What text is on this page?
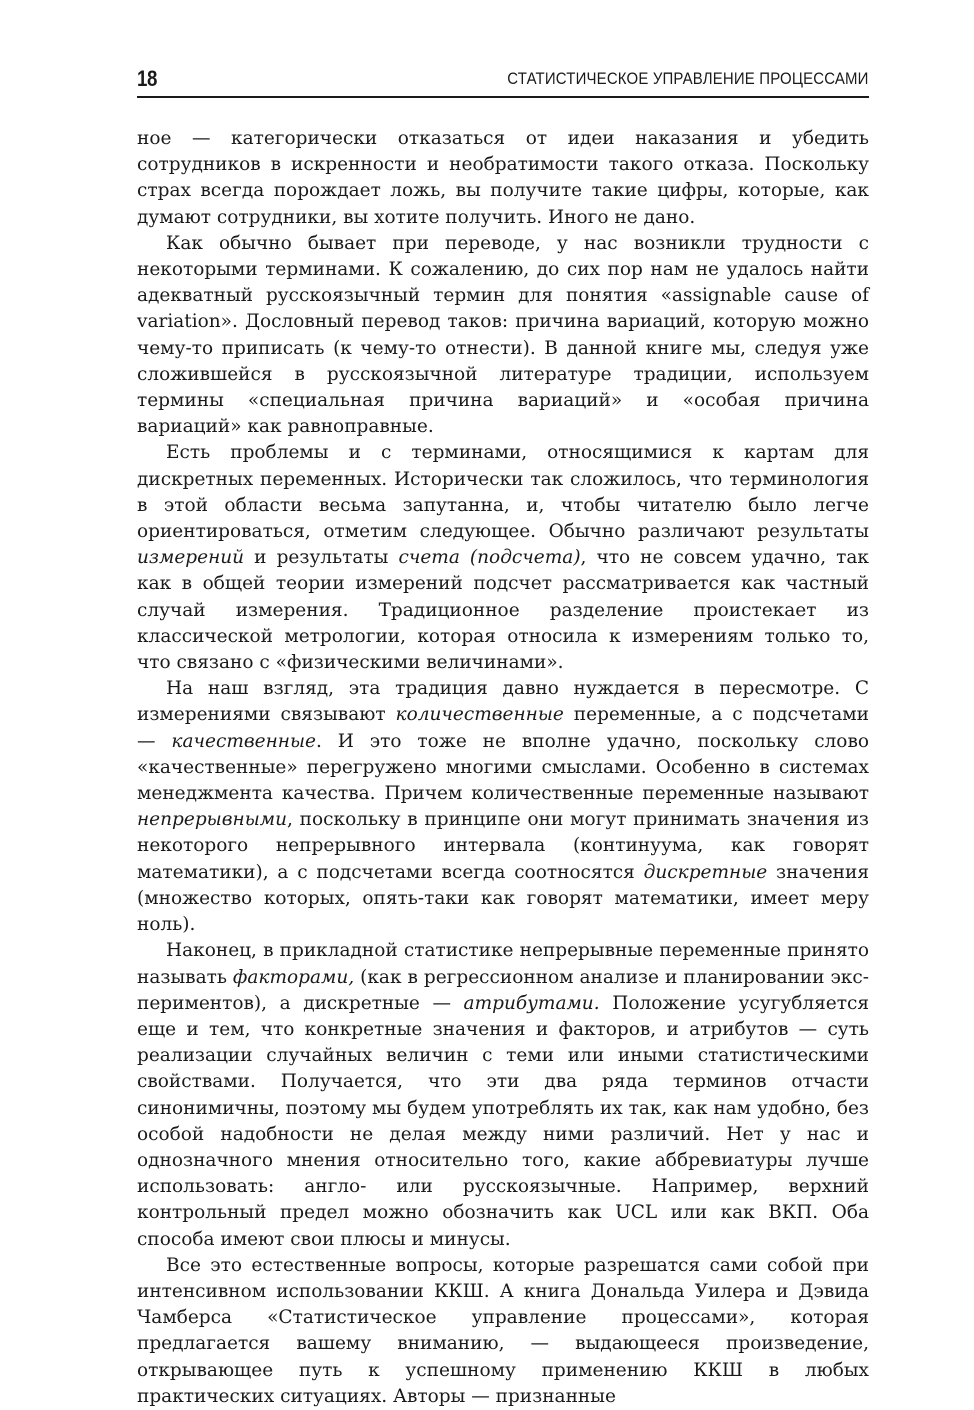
18	СТАТИСТИЧЕСКОЕ УПРАВЛЕНИЕ ПРОЦЕССАМИ

ное — категорически отказаться от идеи наказания и убедить сотрудников в искренности и необратимости такого отказа. Поскольку страх всегда порождает ложь, вы получите такие цифры, которые, как думают сотрудники, вы хотите получить. Иного не дано.

Как обычно бывает при переводе, у нас возникли трудности с некоторыми терминами. К сожалению, до сих пор нам не удалось найти адекватный русскоязычный термин для понятия «assignable cause of variation». Дословный перевод таков: причина вариаций, которую можно чему-то приписать (к чему-то отнести). В данной книге мы, следуя уже сложившейся в русскоязычной литературе традиции, используем термины «специальная причина вариаций» и «особая причина вариаций» как равноправные.

Есть проблемы и с терминами, относящимися к картам для дискретных переменных. Исторически так сложилось, что терминология в этой области весьма запутанна, и, чтобы читателю было легче ориентироваться, отметим следующее. Обычно различают результаты измерений и результаты счета (подсчета), что не совсем удачно, так как в общей теории измерений подсчет рассматривается как частный случай измерения. Традиционное разделение проистекает из классической метрологии, которая относила к измерениям только то, что связано с «физическими величинами».

На наш взгляд, эта традиция давно нуждается в пересмотре. С измерениями связывают количественные переменные, а с подсчетами — качественные. И это тоже не вполне удачно, поскольку слово «качественные» перегружено многими смыслами. Особенно в системах менеджмента качества. Причем количественные переменные называют непрерывными, поскольку в принципе они могут принимать значения из некоторого непрерывного интервала (континуума, как говорят математики), а с подсчетами всегда соотносятся дискретные значения (множество которых, опять-таки как говорят математики, имеет меру ноль).

Наконец, в прикладной статистике непрерывные переменные принято называть факторами, (как в регрессионном анализе и планировании экспериментов), а дискретные — атрибутами. Положение усугубляется еще и тем, что конкретные значения и факторов, и атрибутов — суть реализации случайных величин с теми или иными статистическими свойствами. Получается, что эти два ряда терминов отчасти синонимичны, поэтому мы будем употреблять их так, как нам удобно, без особой надобности не делая между ними различий. Нет у нас и однозначного мнения относительно того, какие аббревиатуры лучше использовать: англо- или русскоязычные. Например, верхний контрольный предел можно обозначить как UCL или как ВКП. Оба способа имеют свои плюсы и минусы.

Все это естественные вопросы, которые разрешатся сами собой при интенсивном использовании ККШ. А книга Дональда Уилера и Дэвида Чамберса «Статистическое управление процессами», которая предлагается вашему вниманию, — выдающееся произведение, открывающее путь к успешному применению ККШ в любых практических ситуациях. Авторы — признанные
